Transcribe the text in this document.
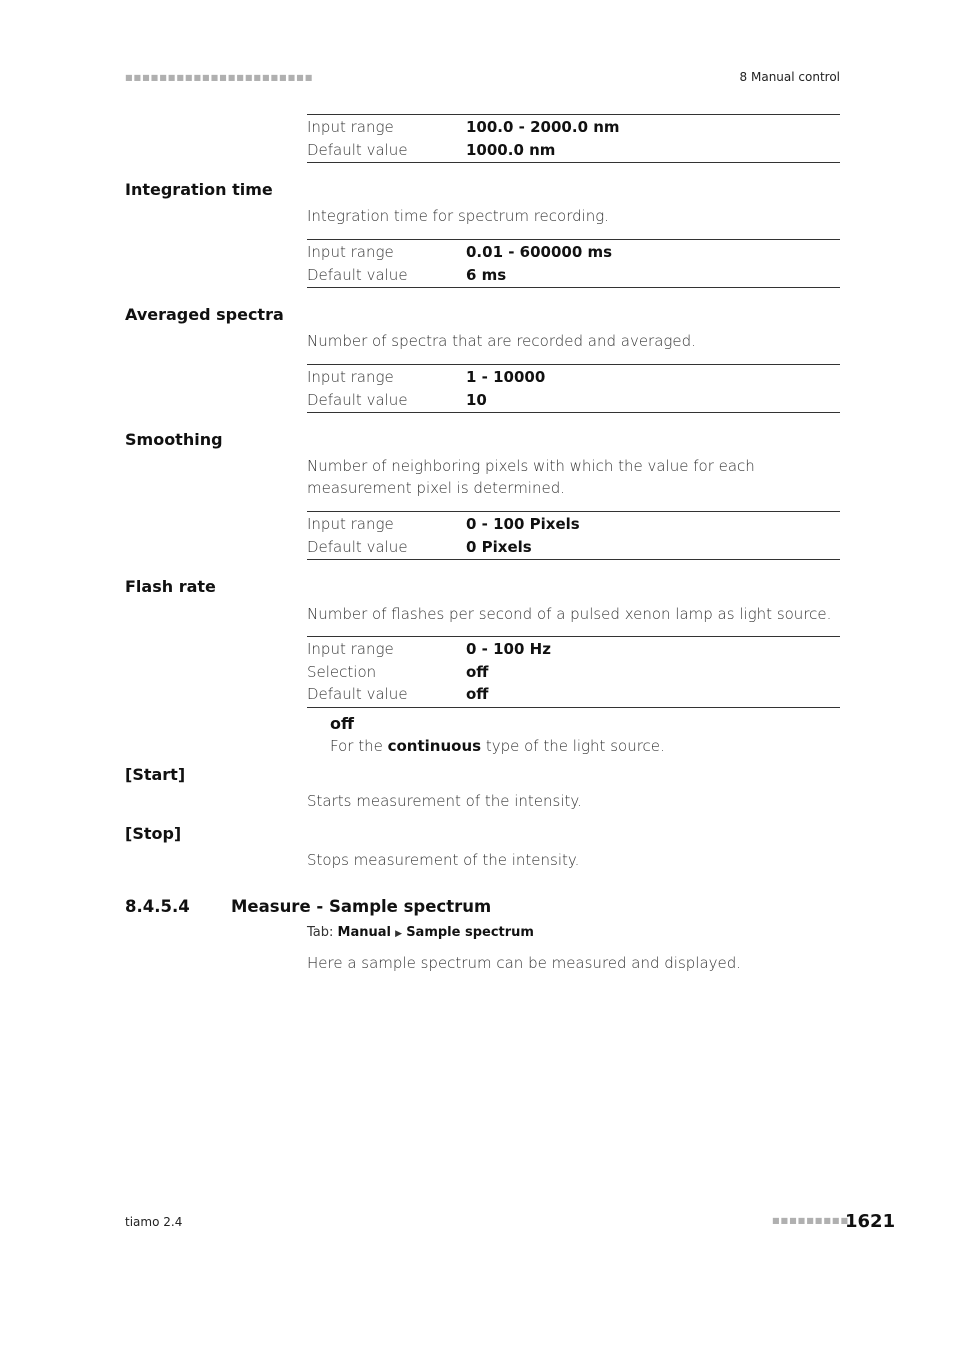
■■■■■■■■■■■■■■■■■■■■■■	8 Manual control
Input range	100.0 - 2000.0 nm
Default value	1000.0 nm
Integration time
Integration time for spectrum recording.
Input range	0.01 - 600000 ms
Default value	6 ms
Averaged spectra
Number of spectra that are recorded and averaged.
Input range	1 - 10000
Default value	10
Smoothing
Number of neighboring pixels with which the value for each measurement pixel is determined.
Input range	0 - 100 Pixels
Default value	0 Pixels
Flash rate
Number of flashes per second of a pulsed xenon lamp as light source.
Input range	0 - 100 Hz
Selection	off
Default value	off
off
For the continuous type of the light source.
[Start]
Starts measurement of the intensity.
[Stop]
Stops measurement of the intensity.
8.4.5.4	Measure - Sample spectrum
Tab: Manual ▶ Sample spectrum
Here a sample spectrum can be measured and displayed.
tiamo 2.4	■■■■■■■■■
1621
